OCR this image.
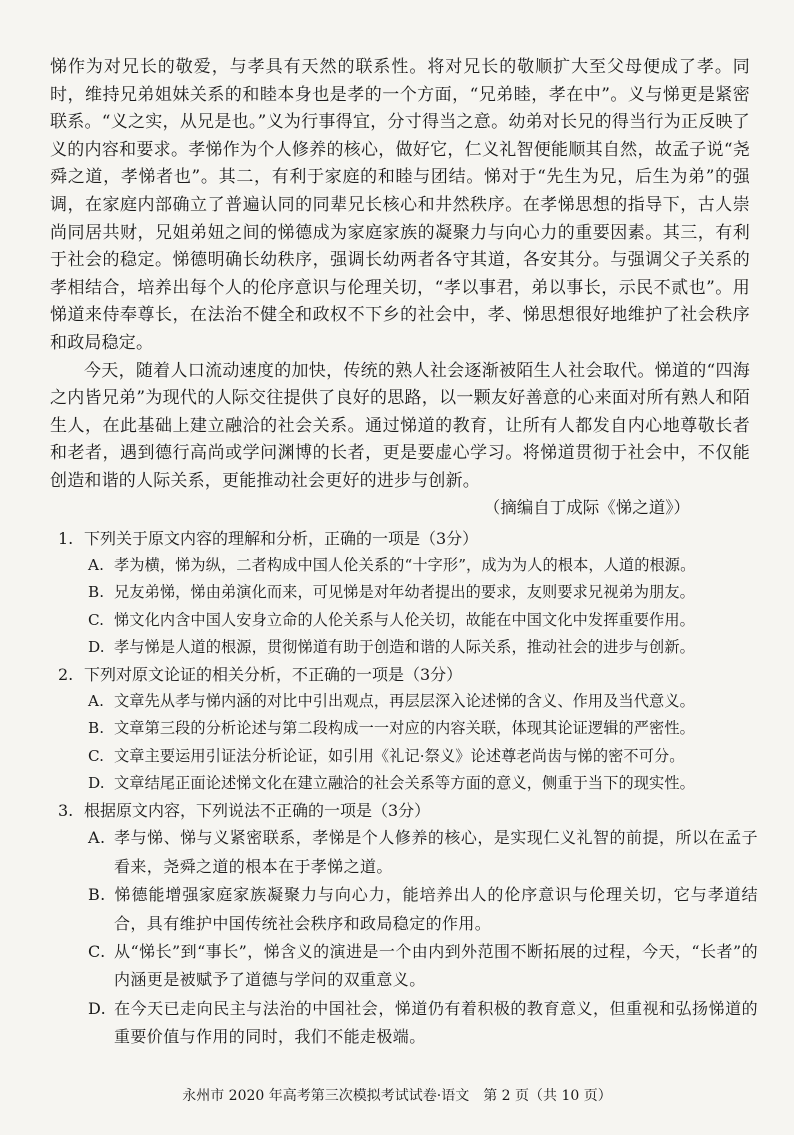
悌作为对兄长的敬爱，与孝具有天然的联系性。将对兄长的敬顺扩大至父母便成了孝。同时，维持兄弟姐妹关系的和睦本身也是孝的一个方面，“兄弟睦，孝在中”。义与悌更是紧密联系。“义之实，从兄是也。”义为行事得宜，分寸得当之意。幼弟对长兄的得当行为正反映了义的内容和要求。孝悌作为个人修养的核心，做好它，仁义礼智便能顺其自然，故孟子说“尧舜之道，孝悌者也”。其二，有利于家庭的和睦与团结。悌对于“先生为兄，后生为弟”的强调，在家庭内部确立了普遍认同的同辈兄长核心和井然秩序。在孝悌思想的指导下，古人崇尚同居共财，兄姐弟妞之间的悌德成为家庭家族的凝聚力与向心力的重要因素。其三，有利于社会的稳定。悌德明确长幼秩序，强调长幼两者各守其道，各安其分。与强调父子关系的孝相结合，培养出每个人的伦序意识与伦理关切，“孝以事君，弟以事长，示民不贰也”。用悌道来侍奉尊长，在法治不健全和政权不下乡的社会中，孝、悌思想很好地维护了社会秩序和政局稳定。

今天，随着人口流动速度的加快，传统的熟人社会逐渐被陌生人社会取代。悌道的“四海之内皆兄弟”为现代的人际交往提供了良好的思路，以一颗友好善意的心来面对所有熟人和陌生人，在此基础上建立融洽的社会关系。通过悌道的教育，让所有人都发自内心地尊敬长者和老者，遇到德行高尚或学问渊博的长者，更是要虚心学习。将悌道贯彻于社会中，不仅能创造和谐的人际关系，更能推动社会更好的进步与创新。

（摘编自丁成际《悌之道》）
1. 下列关于原文内容的理解和分析，正确的一项是（3分）
A. 孝为横，悌为纵，二者构成中国人伦关系的“十字形”，成为为人的根本，人道的根源。
B. 兄友弟悌，悌由弟演化而来，可见悌是对年幼者提出的要求，友则要求兄视弟为朋友。
C. 悌文化内含中国人安身立命的人伦关系与人伦关切，故能在中国文化中发挥重要作用。
D. 孝与悌是人道的根源，贯彻悌道有助于创造和谐的人际关系，推动社会的进步与创新。
2. 下列对原文论证的相关分析，不正确的一项是（3分）
A. 文章先从孝与悌内涵的对比中引出观点，再层层深入论述悌的含义、作用及当代意义。
B. 文章第三段的分析论述与第二段构成一一对应的内容关联，体现其论证逻辑的严密性。
C. 文章主要运用引证法分析论证，如引用《礼记·祭义》论述尊老尚齿与悌的密不可分。
D. 文章结尾正面论述悌文化在建立融洽的社会关系等方面的意义，侧重于当下的现实性。
3. 根据原文内容，下列说法不正确的一项是（3分）
A. 孝与悌、悌与义紧密联系，孝悌是个人修养的核心，是实现仁义礼智的前提，所以在孟子看来，尧舜之道的根本在于孝悌之道。
B. 悌德能增强家庭家族凝聚力与向心力，能培养出人的伦序意识与伦理关切，它与孝道结合，具有维护中国传统社会秩序和政局稳定的作用。
C. 从“悌长”到“事长”，悌含义的演进是一个由内到外范围不断拓展的过程，今天，“长者”的内涵更是被赋予了道德与学问的双重意义。
D. 在今天已走向民主与法治的中国社会，悌道仍有着积极的教育意义，但重视和弘扬悌道的重要价值与作用的同时，我们不能走极端。
永州市 2020 年高考第三次模拟考试试卷·语文　第 2 页（共 10 页）
